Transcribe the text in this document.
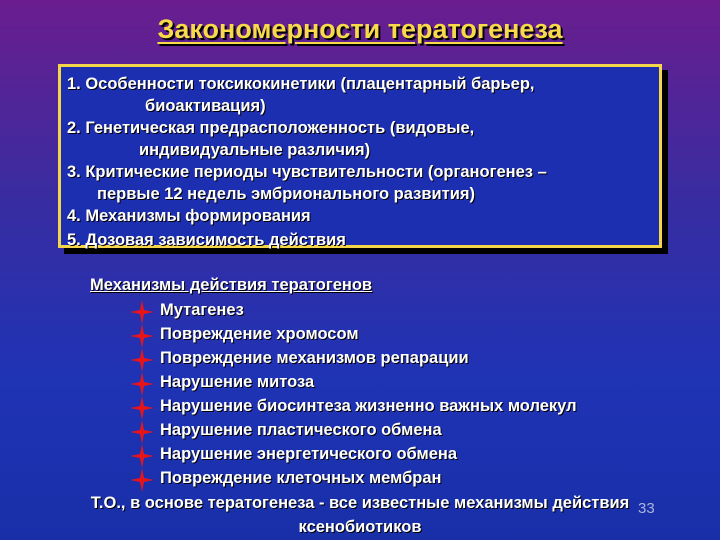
Закономерности тератогенеза
1. Особенности токсикокинетики (плацентарный барьер,
биоактивация)
2. Генетическая предрасположенность (видовые,
индивидуальные различия)
3. Критические периоды чувствительности (органогенез –
первые 12 недель эмбрионального развития)
4. Механизмы формирования
5. Дозовая зависимость действия
Механизмы действия тератогенов
Мутагенез
Повреждение хромосом
Повреждение механизмов репарации
Нарушение митоза
Нарушение биосинтеза жизненно важных молекул
Нарушение пластического обмена
Нарушение энергетического обмена
Повреждение клеточных мембран
33
Т.О., в основе тератогенеза - все известные механизмы действия
ксенобиотиков
